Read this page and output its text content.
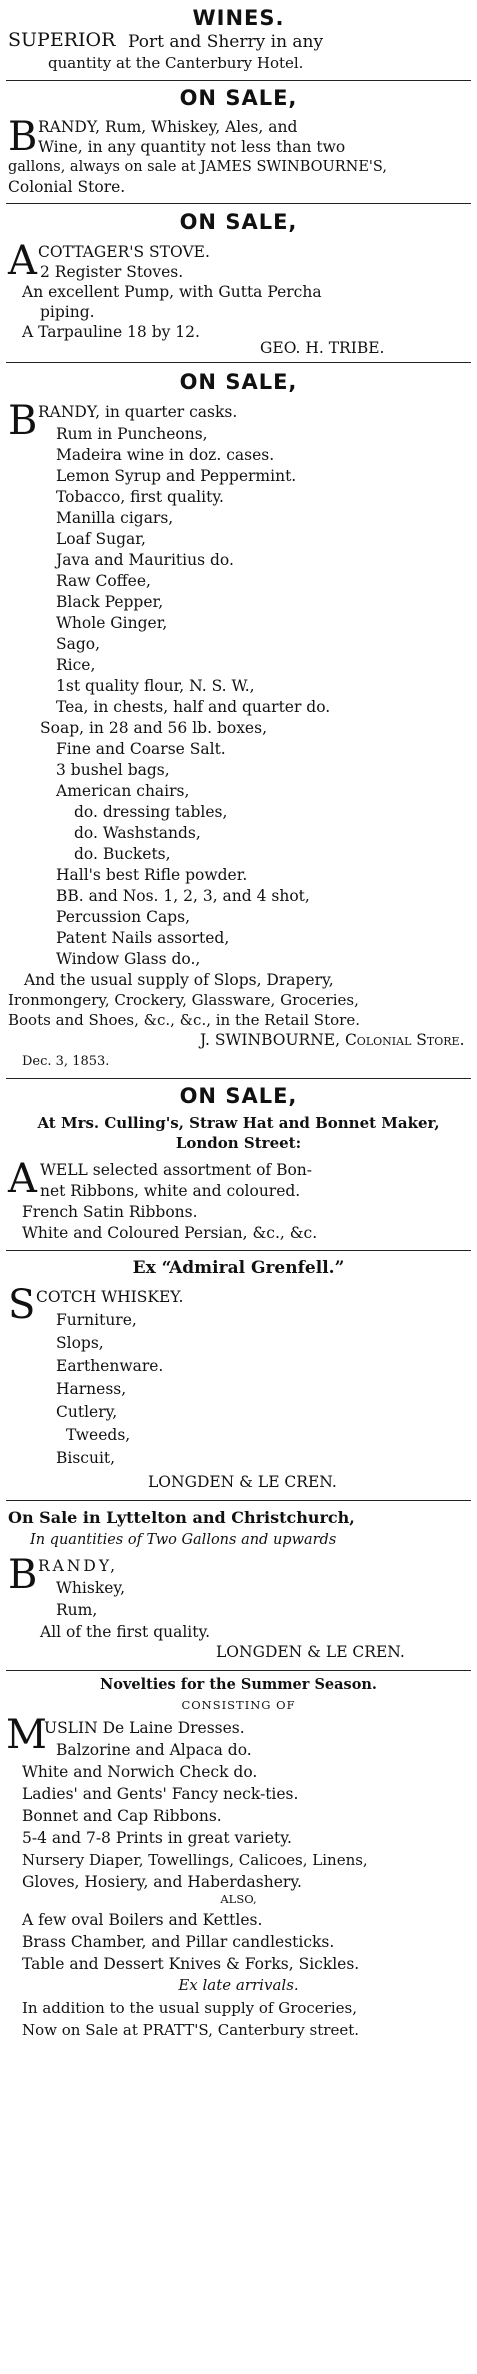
WINES.
SUPERIOR Port and Sherry in any
quantity at the Canterbury Hotel.
ON SALE,
B RANDY, Rum, Whiskey, Ales, and
Wine, in any quantity not less than two
gallons, always on sale at JAMES SWINBOURNE'S,
Colonial Store.
ON SALE,
A COTTAGER'S STOVE.
2 Register Stoves.
An excellent Pump, with Gutta Percha
piping.
A Tarpauline 18 by 12.
GEO. H. TRIBE.
ON SALE,
B RANDY, in quarter casks.
Rum in Puncheons,
Madeira wine in doz. cases.
Lemon Syrup and Peppermint.
Tobacco, first quality.
Manilla cigars,
Loaf Sugar,
Java and Mauritius do.
Raw Coffee,
Black Pepper,
Whole Ginger,
Sago,
Rice,
1st quality flour, N. S. W.,
Tea, in chests, half and quarter do.
Soap, in 28 and 56 lb. boxes,
Fine and Coarse Salt.
3 bushel bags,
American chairs,
do. dressing tables,
do. Washstands,
do. Buckets,
Hall's best Rifle powder.
BB. and Nos. 1, 2, 3, and 4 shot,
Percussion Caps,
Patent Nails assorted,
Window Glass do.,
And the usual supply of Slops, Drapery,
Ironmongery, Crockery, Glassware, Groceries,
Boots and Shoes, &c., &c., in the Retail Store.
J. SWINBOURNE, Colonial Store.
Dec. 3, 1853.
ON SALE,
At Mrs. Culling's, Straw Hat and Bonnet Maker,
London Street:
A WELL selected assortment of Bon-
net Ribbons, white and coloured.
French Satin Ribbons.
White and Coloured Persian, &c., &c.
Ex “Admiral Grenfell.”
S COTCH WHISKEY.
Furniture,
Slops,
Earthenware.
Harness,
Cutlery,
Tweeds,
Biscuit,
LONGDEN & LE CREN.
On Sale in Lyttelton and Christchurch,
In quantities of Two Gallons and upwards
B RANDY,
Whiskey,
Rum,
All of the first quality.
LONGDEN & LE CREN.
Novelties for the Summer Season.
CONSISTING OF
M
USLIN De Laine Dresses.
Balzorine and Alpaca do.
White and Norwich Check do.
Ladies' and Gents' Fancy neck-ties.
Bonnet and Cap Ribbons.
5-4 and 7-8 Prints in great variety.
Nursery Diaper, Towellings, Calicoes, Linens,
Gloves, Hosiery, and Haberdashery.
ALSO,
A few oval Boilers and Kettles.
Brass Chamber, and Pillar candlesticks.
Table and Dessert Knives & Forks, Sickles.
Ex late arrivals.
In addition to the usual supply of Groceries,
Now on Sale at PRATT'S, Canterbury street.
